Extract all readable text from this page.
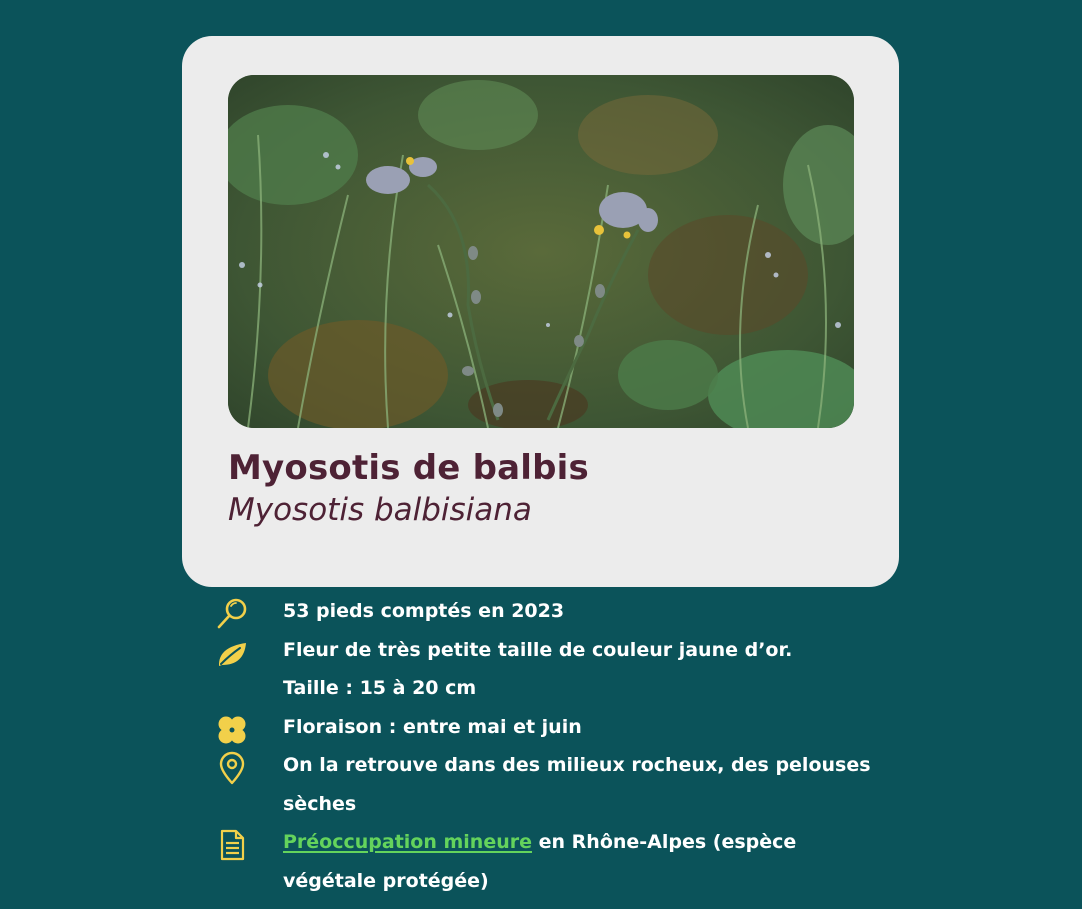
Myosotis de balbis
Myosotis balbisiana
53 pieds comptés en 2023
Fleur de très petite taille de couleur jaune d’or.
Taille : 15 à 20 cm
Floraison : entre mai et juin
On la retrouve dans des milieux rocheux, des pelouses sèches
Préoccupation mineure en Rhône-Alpes (espèce végétale protégée)
